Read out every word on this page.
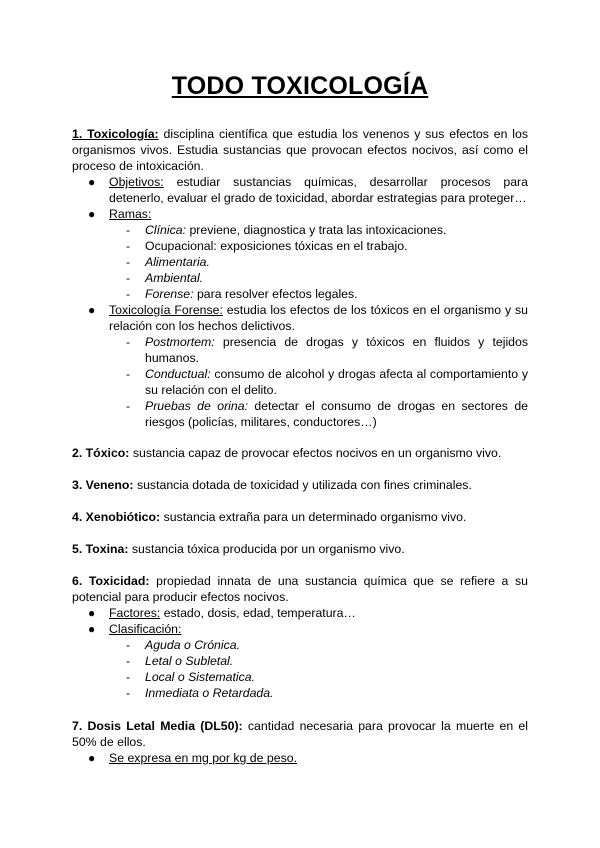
TODO TOXICOLOGÍA
1. Toxicología: disciplina científica que estudia los venenos y sus efectos en los organismos vivos. Estudia sustancias que provocan efectos nocivos, así como el proceso de intoxicación.
● Objetivos: estudiar sustancias químicas, desarrollar procesos para detenerlo, evaluar el grado de toxicidad, abordar estrategias para proteger…
● Ramas:
- Clínica: previene, diagnostica y trata las intoxicaciones.
- Ocupacional: exposiciones tóxicas en el trabajo.
- Alimentaria.
- Ambiental.
- Forense: para resolver efectos legales.
● Toxicología Forense: estudia los efectos de los tóxicos en el organismo y su relación con los hechos delictivos.
- Postmortem: presencia de drogas y tóxicos en fluidos y tejidos humanos.
- Conductual: consumo de alcohol y drogas afecta al comportamiento y su relación con el delito.
- Pruebas de orina: detectar el consumo de drogas en sectores de riesgos (policías, militares, conductores…)
2. Tóxico: sustancia capaz de provocar efectos nocivos en un organismo vivo.
3. Veneno: sustancia dotada de toxicidad y utilizada con fines criminales.
4. Xenobiótico: sustancia extraña para un determinado organismo vivo.
5. Toxina: sustancia tóxica producida por un organismo vivo.
6. Toxicidad: propiedad innata de una sustancia química que se refiere a su potencial para producir efectos nocivos.
● Factores: estado, dosis, edad, temperatura…
● Clasificación:
- Aguda o Crónica.
- Letal o Subletal.
- Local o Sistematica.
- Inmediata o Retardada.
7. Dosis Letal Media (DL50): cantidad necesaria para provocar la muerte en el 50% de ellos.
● Se expresa en mg por kg de peso.
